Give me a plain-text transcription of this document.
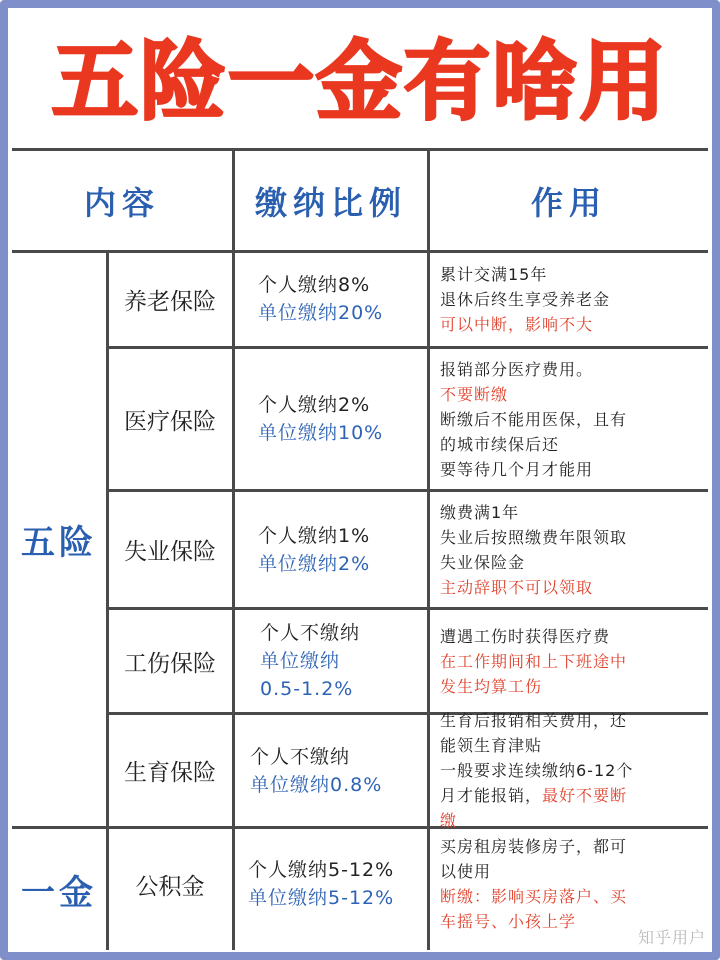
五险一金有啥用
内容	缴纳比例	作用
五险
一金
养老保险
个人缴纳8%
单位缴纳20%
累计交满15年
退休后终生享受养老金
可以中断，影响不大
医疗保险
个人缴纳2%
单位缴纳10%
报销部分医疗费用。
不要断缴
断缴后不能用医保，且有
的城市续保后还
要等待几个月才能用
失业保险
个人缴纳1%
单位缴纳2%
缴费满1年
失业后按照缴费年限领取
失业保险金
主动辞职不可以领取
工伤保险
个人不缴纳
单位缴纳
0.5-1.2%
遭遇工伤时获得医疗费
在工作期间和上下班途中
发生均算工伤
生育保险
个人不缴纳
单位缴纳0.8%
生育后报销相关费用，还
能领生育津贴
一般要求连续缴纳6-12个
月才能报销，最好不要断
缴
公积金
个人缴纳5-12%
单位缴纳5-12%
买房租房装修房子，都可
以使用
断缴：影响买房落户、买
车摇号、小孩上学
知乎用户
